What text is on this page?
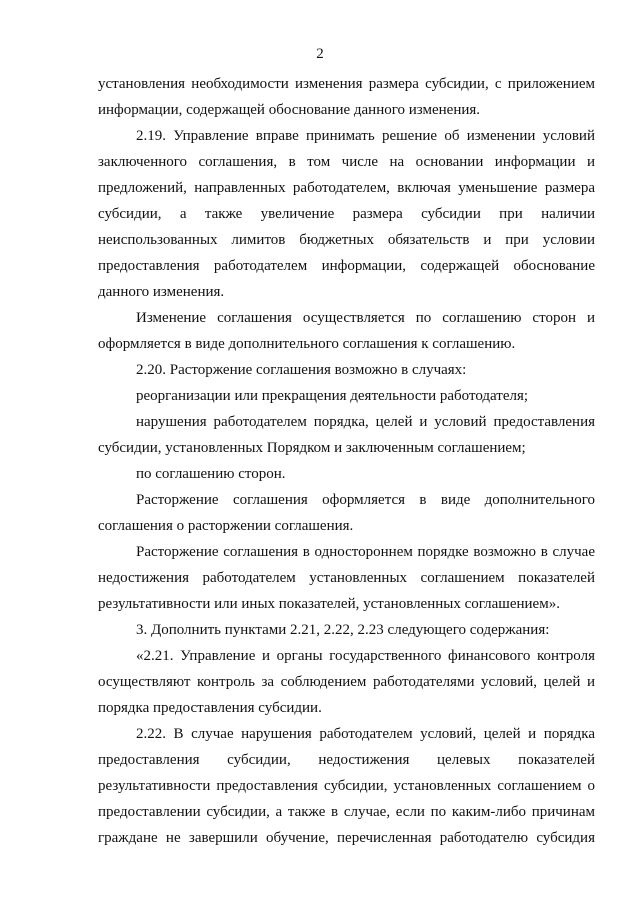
2
установления необходимости изменения размера субсидии, с приложением
информации, содержащей обоснование данного изменения.
2.19. Управление вправе принимать решение об изменении условий
заключенного соглашения, в том числе на основании информации и
предложений, направленных работодателем, включая уменьшение размера
субсидии, а также увеличение размера субсидии при наличии
неиспользованных лимитов бюджетных обязательств и при условии
предоставления работодателем информации, содержащей обоснование
данного изменения.
Изменение соглашения осуществляется по соглашению сторон и
оформляется в виде дополнительного соглашения к соглашению.
2.20. Расторжение соглашения возможно в случаях:
реорганизации или прекращения деятельности работодателя;
нарушения работодателем порядка, целей и условий предоставления
субсидии, установленных Порядком и заключенным соглашением;
по соглашению сторон.
Расторжение соглашения оформляется в виде дополнительного
соглашения о расторжении соглашения.
Расторжение соглашения в одностороннем порядке возможно в случае
недостижения работодателем установленных соглашением показателей
результативности или иных показателей, установленных соглашением».
3. Дополнить пунктами 2.21, 2.22, 2.23 следующего содержания:
«2.21. Управление и органы государственного финансового контроля
осуществляют контроль за соблюдением работодателями условий, целей и
порядка предоставления субсидии.
2.22. В случае нарушения работодателем условий, целей и порядка
предоставления субсидии, недостижения целевых показателей
результативности предоставления субсидии, установленных соглашением о
предоставлении субсидии, а также в случае, если по каким-либо причинам
граждане не завершили обучение, перечисленная работодателю субсидия
